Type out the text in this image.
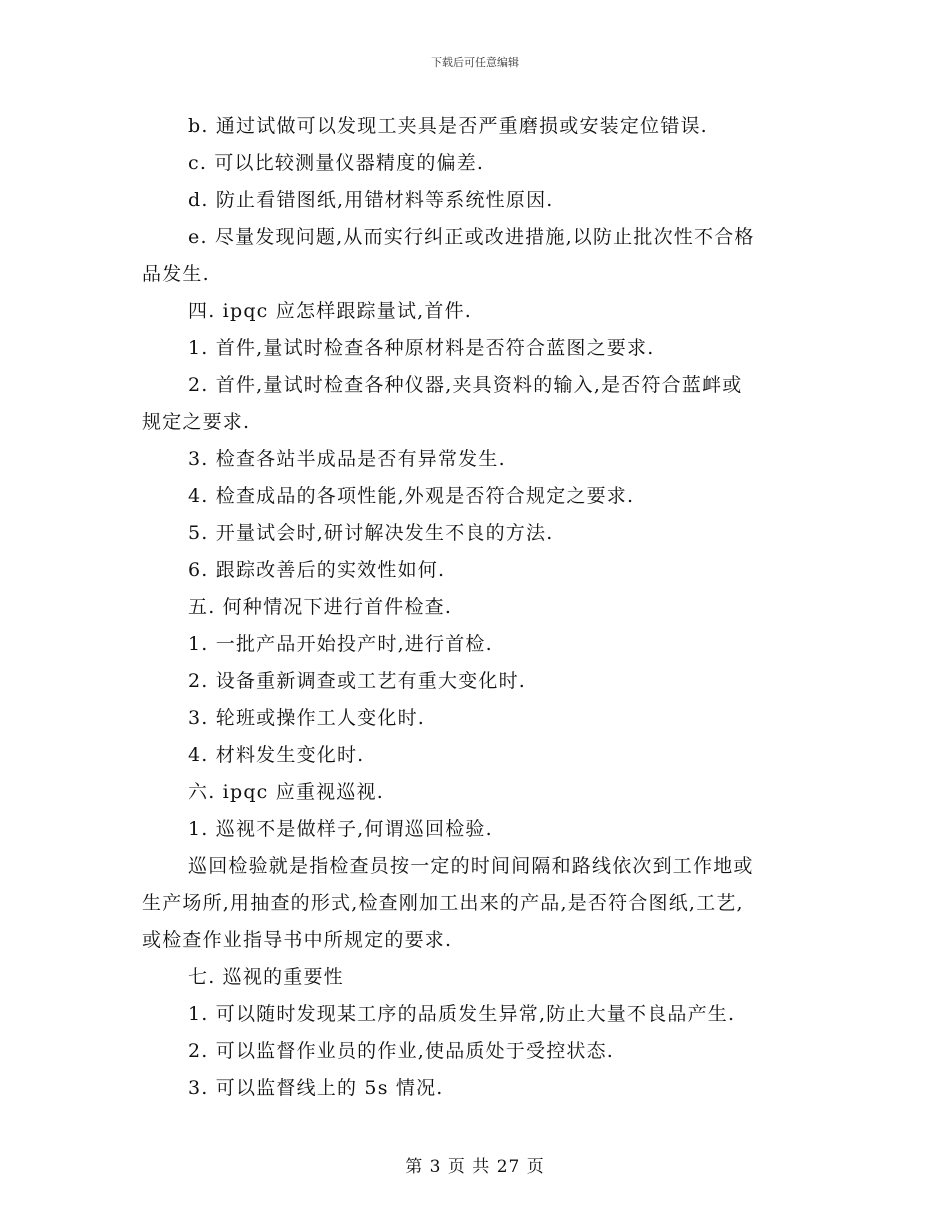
下载后可任意编辑
b. 通过试做可以发现工夹具是否严重磨损或安装定位错误.
c. 可以比较测量仪器精度的偏差.
d. 防止看错图纸,用错材料等系统性原因.
e. 尽量发现问题,从而实行纠正或改进措施,以防止批次性不合格
品发生.
四. ipqc 应怎样跟踪量试,首件.
1. 首件,量试时检查各种原材料是否符合蓝图之要求.
2. 首件,量试时检查各种仪器,夹具资料的输入,是否符合蓝衅或
规定之要求.
3. 检查各站半成品是否有异常发生.
4. 检查成品的各项性能,外观是否符合规定之要求.
5. 开量试会时,研讨解决发生不良的方法.
6. 跟踪改善后的实效性如何.
五. 何种情况下进行首件检查.
1. 一批产品开始投产时,进行首检.
2. 设备重新调查或工艺有重大变化时.
3. 轮班或操作工人变化时.
4. 材料发生变化时.
六. ipqc 应重视巡视.
1. 巡视不是做样子,何谓巡回检验.
巡回检验就是指检查员按一定的时间间隔和路线依次到工作地或
生产场所,用抽查的形式,检查刚加工出来的产品,是否符合图纸,工艺,
或检查作业指导书中所规定的要求.
七. 巡视的重要性
1. 可以随时发现某工序的品质发生异常,防止大量不良品产生.
2. 可以监督作业员的作业,使品质处于受控状态.
3. 可以监督线上的 5s 情况.
第 3 页 共 27 页
